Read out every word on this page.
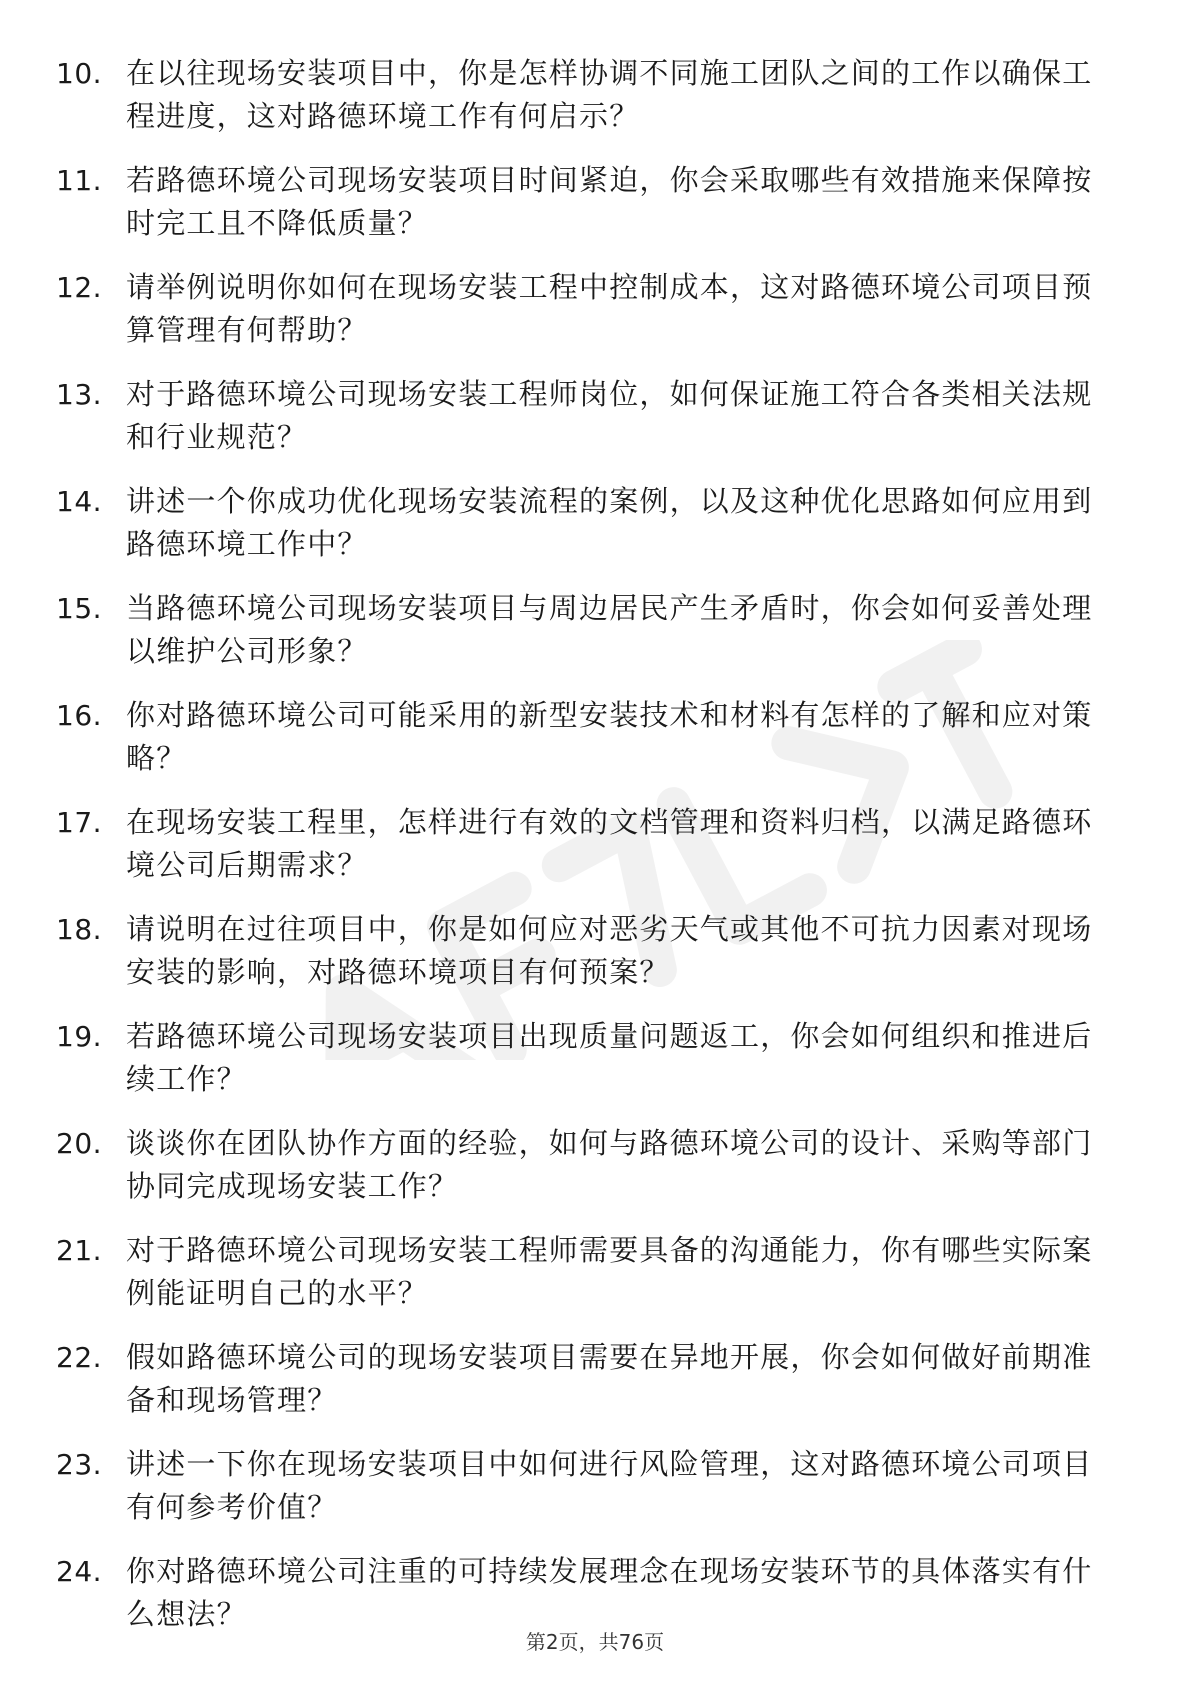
10. 在以往现场安装项目中，你是怎样协调不同施工团队之间的工作以确保工程进度，这对路德环境工作有何启示？
11. 若路德环境公司现场安装项目时间紧迫，你会采取哪些有效措施来保障按时完工且不降低质量？
12. 请举例说明你如何在现场安装工程中控制成本，这对路德环境公司项目预算管理有何帮助？
13. 对于路德环境公司现场安装工程师岗位，如何保证施工符合各类相关法规和行业规范？
14. 讲述一个你成功优化现场安装流程的案例，以及这种优化思路如何应用到路德环境工作中？
15. 当路德环境公司现场安装项目与周边居民产生矛盾时，你会如何妥善处理以维护公司形象？
16. 你对路德环境公司可能采用的新型安装技术和材料有怎样的了解和应对策略？
17. 在现场安装工程里，怎样进行有效的文档管理和资料归档，以满足路德环境公司后期需求？
18. 请说明在过往项目中，你是如何应对恶劣天气或其他不可抗力因素对现场安装的影响，对路德环境项目有何预案？
19. 若路德环境公司现场安装项目出现质量问题返工，你会如何组织和推进后续工作？
20. 谈谈你在团队协作方面的经验，如何与路德环境公司的设计、采购等部门协同完成现场安装工作？
21. 对于路德环境公司现场安装工程师需要具备的沟通能力，你有哪些实际案例能证明自己的水平？
22. 假如路德环境公司的现场安装项目需要在异地开展，你会如何做好前期准备和现场管理？
23. 讲述一下你在现场安装项目中如何进行风险管理，这对路德环境公司项目有何参考价值？
24. 你对路德环境公司注重的可持续发展理念在现场安装环节的具体落实有什么想法？
第2页，共76页
